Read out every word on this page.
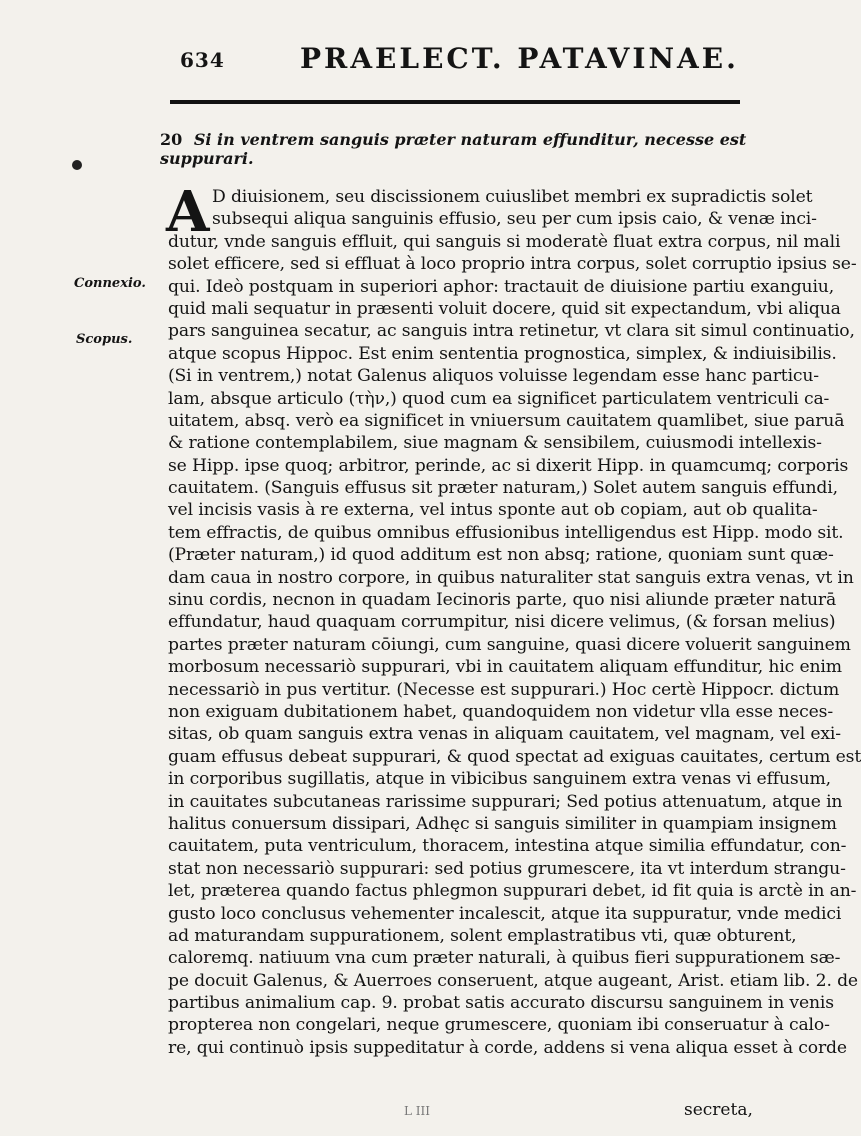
634	PRAELECT. PATAVINAE.
20 Si in ventrem sanguis præter naturam effunditur, necesse est suppurari.
Connexio.
Scopus.
A D diuisionem, seu discissionem cuiuslibet membri ex supradictis solet
subsequi aliqua sanguinis effusio, seu per cum ipsis caio, & venæ inci-
dutur, vnde sanguis effluit, qui sanguis si moderatè fluat extra corpus, nil mali
solet efficere, sed si effluat à loco proprio intra corpus, solet corruptio ipsius se-
qui. Ideò postquam in superiori aphor: tractauit de diuisione partiu exanguiu,
quid mali sequatur in præsenti voluit docere, quid sit expectandum, vbi aliqua
pars sanguinea secatur, ac sanguis intra retinetur, vt clara sit simul continuatio,
atque scopus Hippoc. Est enim sententia prognostica, simplex, & indiuisibilis.
(Si in ventrem,) notat Galenus aliquos voluisse legendam esse hanc particu-
lam, absque articulo (τὴν,) quod cum ea significet particulatem ventriculi ca-
uitatem, absq. verò ea significet in vniuersum cauitatem quamlibet, siue paruā
& ratione contemplabilem, siue magnam & sensibilem, cuiusmodi intellexis-
se Hipp. ipse quoq; arbitror, perinde, ac si dixerit Hipp. in quamcumq; corporis
cauitatem. (Sanguis effusus sit præter naturam,) Solet autem sanguis effundi,
vel incisis vasis à re externa, vel intus sponte aut ob copiam, aut ob qualita-
tem effractis, de quibus omnibus effusionibus intelligendus est Hipp. modo sit.
(Præter naturam,) id quod additum est non absq; ratione, quoniam sunt quæ-
dam caua in nostro corpore, in quibus naturaliter stat sanguis extra venas, vt in
sinu cordis, necnon in quadam Iecinoris parte, quo nisi aliunde præter naturā
effundatur, haud quaquam corrumpitur, nisi dicere velimus, (& forsan melius)
partes præter naturam cōiungi, cum sanguine, quasi dicere voluerit sanguinem
morbosum necessariò suppurari, vbi in cauitatem aliquam effunditur, hic enim
necessariò in pus vertitur. (Necesse est suppurari.) Hoc certè Hippocr. dictum
non exiguam dubitationem habet, quandoquidem non videtur vlla esse neces-
sitas, ob quam sanguis extra venas in aliquam cauitatem, vel magnam, vel exi-
guam effusus debeat suppurari, & quod spectat ad exiguas cauitates, certum est
in corporibus sugillatis, atque in vibicibus sanguinem extra venas vi effusum,
in cauitates subcutaneas rarissime suppurari; Sed potius attenuatum, atque in
halitus conuersum dissipari, Adhęc si sanguis similiter in quampiam insignem
cauitatem, puta ventriculum, thoracem, intestina atque similia effundatur, con-
stat non necessariò suppurari: sed potius grumescere, ita vt interdum strangu-
let, præterea quando factus phlegmon suppurari debet, id fit quia is arctè in an-
gusto loco conclusus vehementer incalescit, atque ita suppuratur, vnde medici
ad maturandam suppurationem, solent emplastratibus vti, quæ obturent,
caloremq. natiuum vna cum præter naturali, à quibus fieri suppurationem sæ-
pe docuit Galenus, & Auerroes conseruent, atque augeant, Arist. etiam lib. 2. de
partibus animalium cap. 9. probat satis accurato discursu sanguinem in venis
propterea non congelari, neque grumescere, quoniam ibi conseruatur à calo-
re, qui continuò ipsis suppeditatur à corde, addens si vena aliqua esset à corde
L III	secreta,
